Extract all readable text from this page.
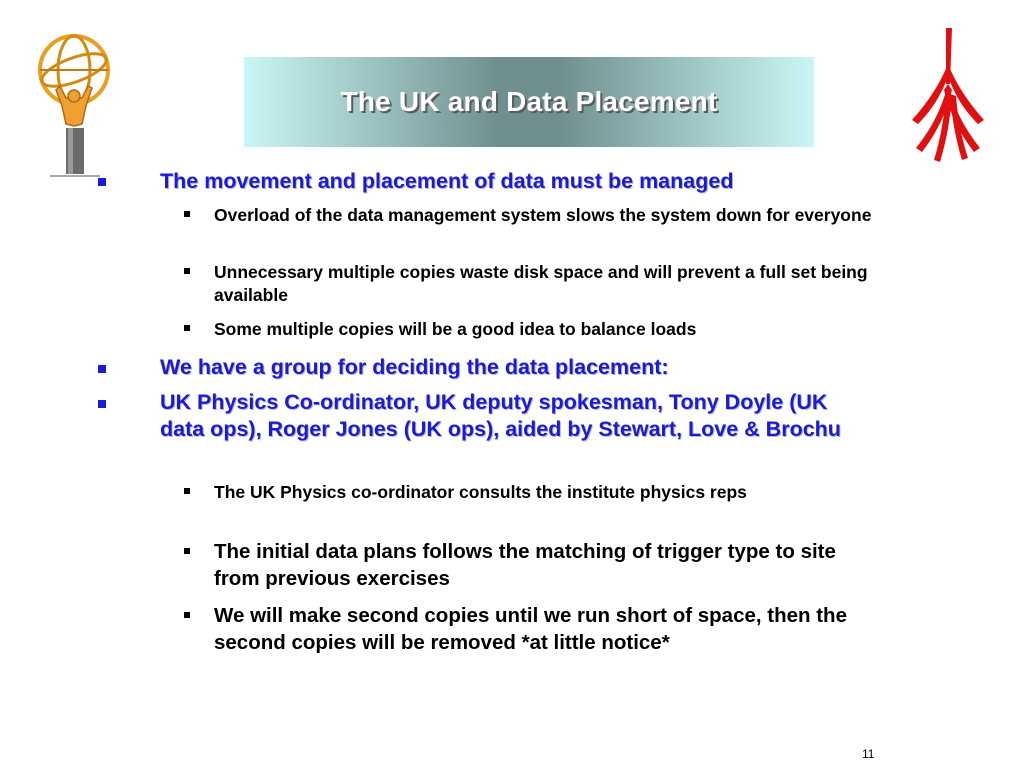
The UK and Data Placement
The movement and placement of data must be managed
Overload of the data management system slows the system down for everyone
Unnecessary multiple copies waste disk space and will prevent a full set being available
Some multiple copies will be a good idea to balance loads
We have a group for deciding the data placement:
UK Physics Co-ordinator, UK deputy spokesman, Tony Doyle (UK data ops), Roger Jones (UK ops), aided by Stewart, Love & Brochu
The UK Physics co-ordinator consults the institute physics reps
The initial data plans follows the matching of trigger type to site from previous exercises
We will make second copies until we run short of space, then the second copies will be removed *at little notice*
11
